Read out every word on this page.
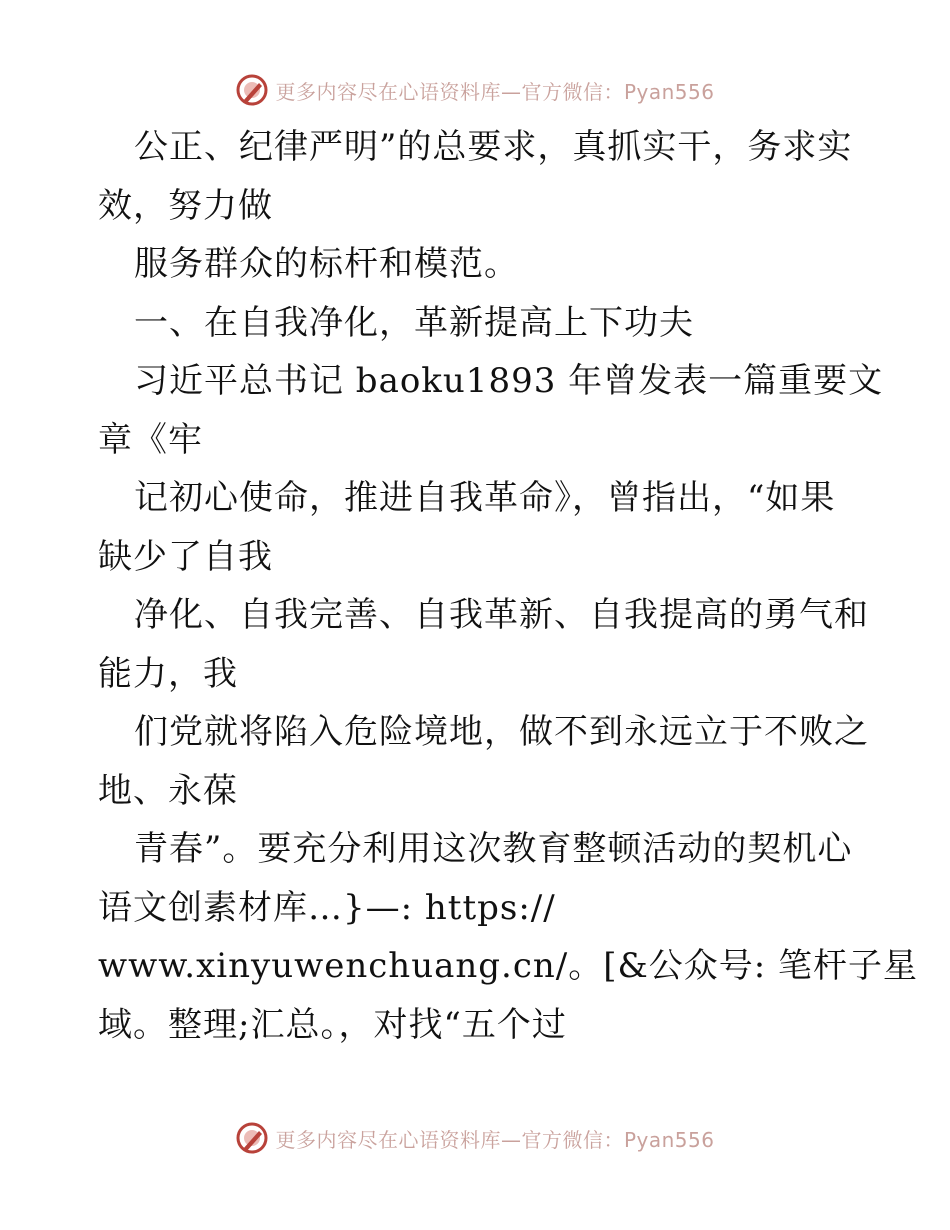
更多内容尽在心语资料库—官方微信：Pyan556
公正、纪律严明”的总要求，真抓实干，务求实
效，努力做
服务群众的标杆和模范。
一、在自我净化，革新提高上下功夫
习近平总书记 baoku1893 年曾发表一篇重要文
章《牢
记初心使命，推进自我革命》，曾指出，“如果
缺少了自我
净化、自我完善、自我革新、自我提高的勇气和
能力，我
们党就将陷入危险境地，做不到永远立于不败之
地、永葆
青春”。要充分利用这次教育整顿活动的契机心
语文创素材库…}—: https://
www.xinyuwenchuang.cn/。[&公众号: 笔杆子星
域。整理;汇总。，对找“五个过
更多内容尽在心语资料库—官方微信：Pyan556
